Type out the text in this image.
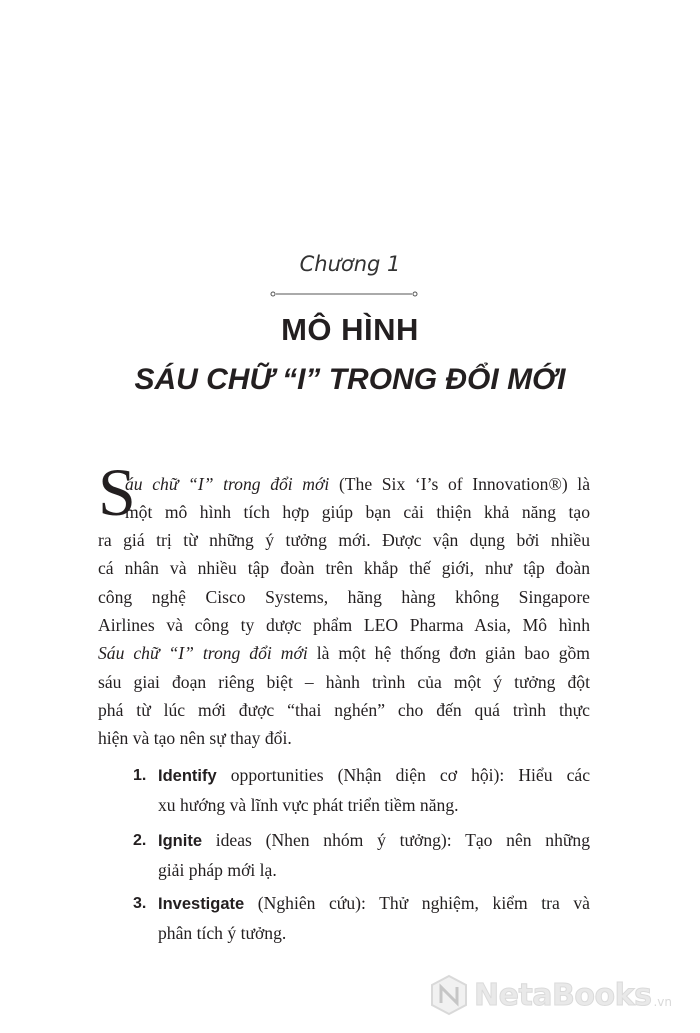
Chương 1
MÔ HÌNH
SÁU CHỮ “I” TRONG ĐỔI MỚI
S
áu chữ “I” trong đổi mới (The Six ‘I’s of Innovation®) là
một mô hình tích hợp giúp bạn cải thiện khả năng tạo
ra giá trị từ những ý tưởng mới. Được vận dụng bởi nhiều
cá nhân và nhiều tập đoàn trên khắp thế giới, như tập đoàn
công nghệ Cisco Systems, hãng hàng không Singapore
Airlines và công ty dược phẩm LEO Pharma Asia, Mô hình
Sáu chữ “I” trong đổi mới là một hệ thống đơn giản bao gồm
sáu giai đoạn riêng biệt – hành trình của một ý tưởng đột
phá từ lúc mới được “thai nghén” cho đến quá trình thực
hiện và tạo nên sự thay đổi.
1. Identify opportunities (Nhận diện cơ hội): Hiểu các
xu hướng và lĩnh vực phát triển tiềm năng.
2. Ignite ideas (Nhen nhóm ý tưởng): Tạo nên những
giải pháp mới lạ.
3. Investigate (Nghiên cứu): Thử nghiệm, kiểm tra và
phân tích ý tưởng.
NetaBooks .vn
